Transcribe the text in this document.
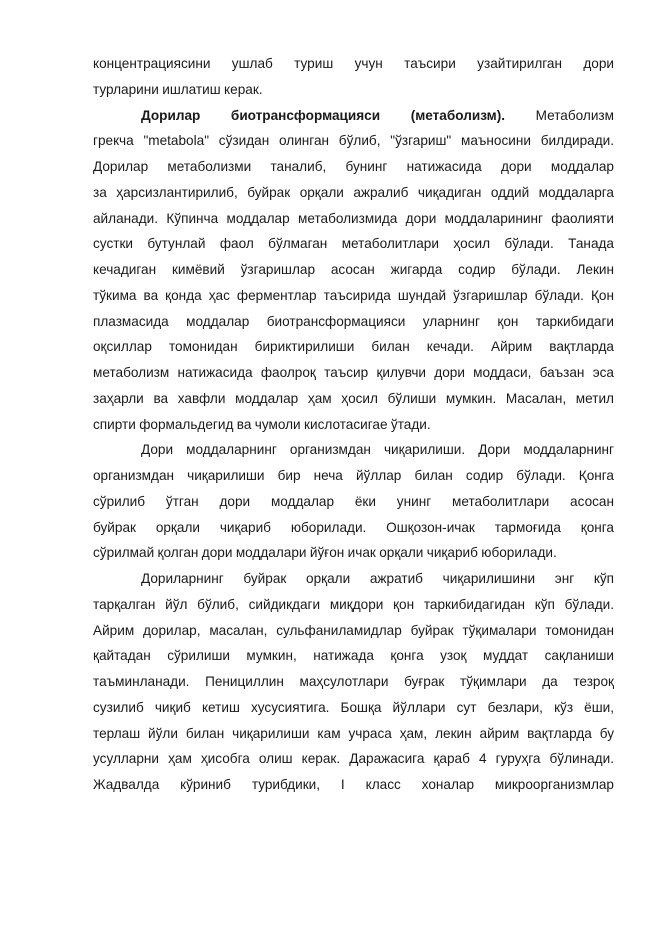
концентрациясини ушлаб туриш учун таъсири узайтирилган дори
турларини ишлатиш керак.
Дорилар биотрансформацияси (метаболизм). Метаболизм
грекча "metabola" сўзидан олинган бўлиб, "ўзгариш" маъносини билдиради.
Дорилар метаболизми таналиб, бунинг натижасида дори моддалар
за ҳарсизлантирилиб, буйрак орқали ажралиб чиқадиган оддий моддаларга
айланади. Кўпинча моддалар метаболизмида дори моддаларининг фаолияти
сустки бутунлай фаол бўлмаган метаболитлари ҳосил бўлади. Танада
кечадиган кимёвий ўзгаришлар асосан жигарда содир бўлади. Лекин
тўкима ва қонда ҳас ферментлар таъсирида шундай ўзгаришлар бўлади. Қон
плазмасида моддалар биотрансформацияси уларнинг қон таркибидаги
оқсиллар томонидан бириктирилиши билан кечади. Айрим вақтларда
метаболизм натижасида фаолроқ таъсир қилувчи дори моддаси, баъзан эса
заҳарли ва хавфли моддалар ҳам ҳосил бўлиши мумкин. Масалан, метил
спирти формальдегид ва чумоли кислотасигае ўтади.
Дори моддаларнинг организмдан чиқарилиши. Дори моддаларнинг
организмдан чиқарилиши бир неча йўллар билан содир бўлади. Қонга
сўрилиб ўтган дори моддалар ёки унинг метаболитлари асосан
буйрак орқали чиқариб юборилади. Ошқозон-ичак тармоғида қонга
сўрилмай қолган дори моддалари йўғон ичак орқали чиқариб юборилади.
Дориларнинг буйрак орқали ажратиб чиқарилишини энг кўп
тарқалган йўл бўлиб, сийдикдаги миқдори қон таркибидагидан кўп бўлади.
Айрим дорилар, масалан, сульфаниламидлар буйрак тўқималари томонидан
қайтадан сўрилиши мумкин, натижада қонга узоқ муддат сақланиши
таъминланади. Пенициллин маҳсулотлари буғрак тўқимлари да тезроқ
сузилиб чиқиб кетиш хусусиятига. Бошқа йўллари сут безлари, кўз ёши,
терлаш йўли билан чиқарилиши кам учраса ҳам, лекин айрим вақтларда бу
усулларни ҳам ҳисобга олиш керак. Даражасига қараб 4 гуруҳга бўлинади.
Жадвалда кўриниб турибдики, I класс хоналар микроорганизмлар
